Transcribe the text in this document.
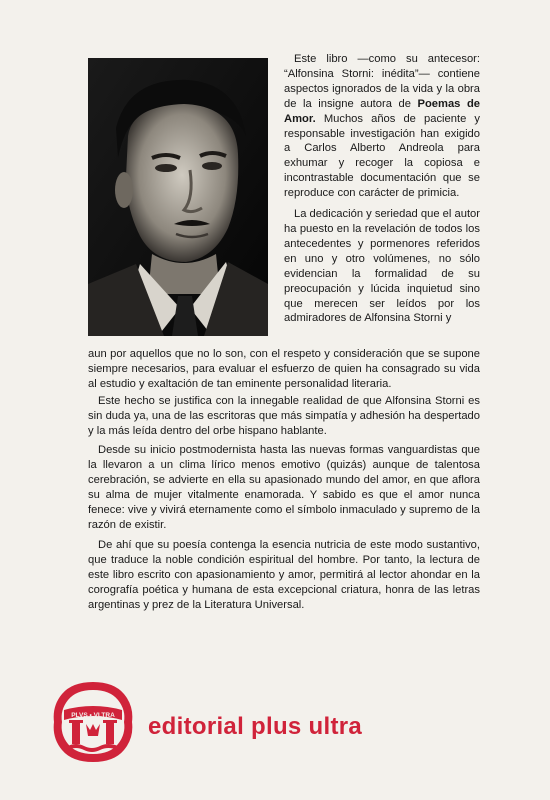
Este libro —como su antecesor: “Alfonsina Storni: inédita”— contiene aspectos ignorados de la vida y la obra de la insigne autora de Poemas de Amor. Muchos años de paciente y responsable investigación han exigido a Carlos Alberto Andreola para exhumar y recoger la copiosa e incontrastable documentación que se reproduce con carácter de primicia.

La dedicación y seriedad que el autor ha puesto en la revelación de todos los antecedentes y pormenores referidos en uno y otro volúmenes, no sólo evidencian la formalidad de su preocupación y lúcida inquietud sino que merecen ser leídos por los admiradores de Alfonsina Storni y

aun por aquellos que no lo son, con el respeto y consideración que se supone siempre necesarios, para evaluar el esfuerzo de quien ha consagrado su vida al estudio y exaltación de tan eminente personalidad literaria.

Este hecho se justifica con la innegable realidad de que Alfonsina Storni es sin duda ya, una de las escritoras que más simpatía y adhesión ha despertado y la más leída dentro del orbe hispano hablante.

Desde su inicio postmodernista hasta las nuevas formas vanguardistas que la llevaron a un clima lírico menos emotivo (quizás) aunque de talentosa cerebración, se advierte en ella su apasionado mundo del amor, en que aflora su alma de mujer vitalmente enamorada. Y sabido es que el amor nunca fenece: vive y vivirá eternamente como el símbolo inmaculado y supremo de la razón de existir.

De ahí que su poesía contenga la esencia nutricia de este modo sustantivo, que traduce la noble condición espiritual del hombre. Por tanto, la lectura de este libro escrito con apasionamiento y amor, permitirá al lector ahondar en la corografía poética y humana de esta excepcional criatura, honra de las letras argentinas y prez de la Literatura Universal.

PLVS • VLTRA editorial plus ultra
